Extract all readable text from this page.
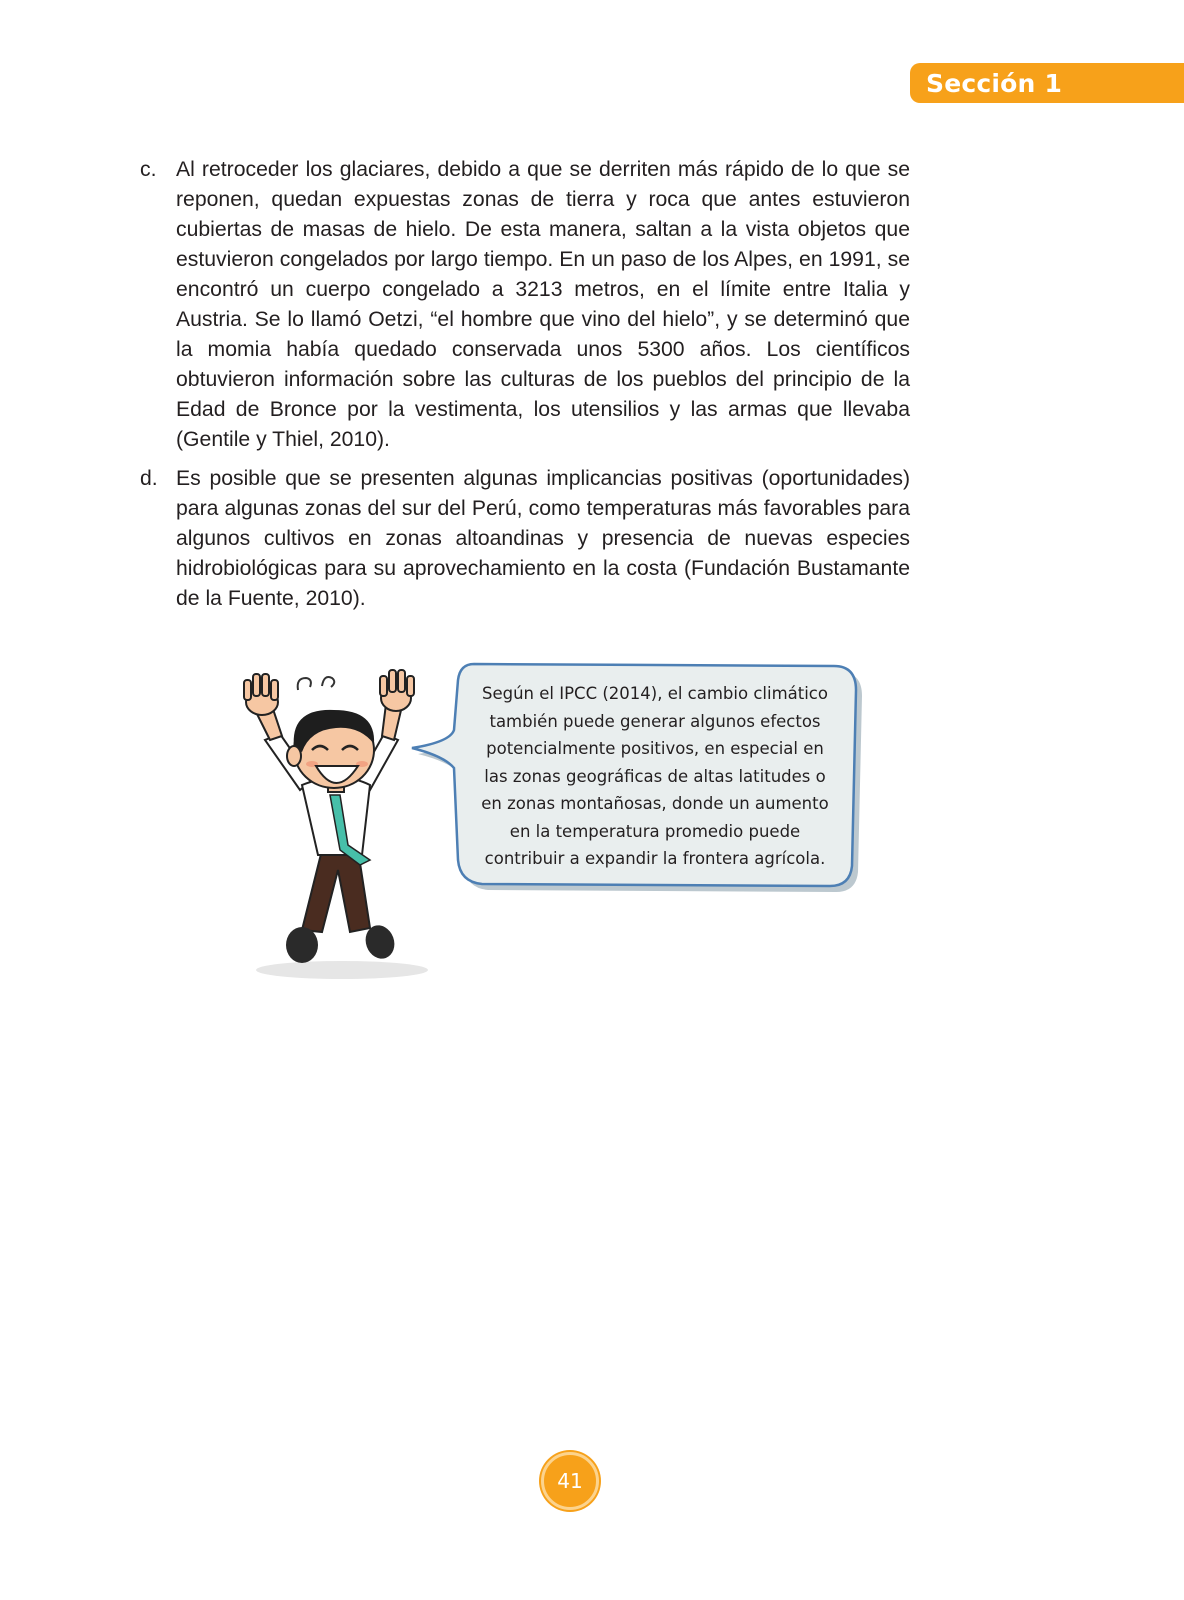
Sección 1
c. Al retroceder los glaciares, debido a que se derriten más rápido de lo que se reponen, quedan expuestas zonas de tierra y roca que antes estuvieron cubiertas de masas de hielo. De esta manera, saltan a la vista objetos que estuvieron congelados por largo tiempo. En un paso de los Alpes, en 1991, se encontró un cuerpo congelado a 3213 metros, en el límite entre Italia y Austria. Se lo llamó Oetzi, “el hombre que vino del hielo”, y se determinó que la momia había quedado conservada unos 5300 años. Los científicos obtuvieron información sobre las culturas de los pueblos del principio de la Edad de Bronce por la vestimenta, los utensilios y las armas que llevaba (Gentile y Thiel, 2010).
d. Es posible que se presenten algunas implicancias positivas (oportunidades) para algunas zonas del sur del Perú, como temperaturas más favorables para algunos cultivos en zonas altoandinas y presencia de nuevas especies hidrobiológicas para su aprovechamiento en la costa (Fundación Bustamante de la Fuente, 2010).
Según el IPCC (2014), el cambio climático
también puede generar algunos efectos
potencialmente positivos, en especial en
las zonas geográficas de altas latitudes o
en zonas montañosas, donde un aumento
en la temperatura promedio puede
contribuir a expandir la frontera agrícola.
41
